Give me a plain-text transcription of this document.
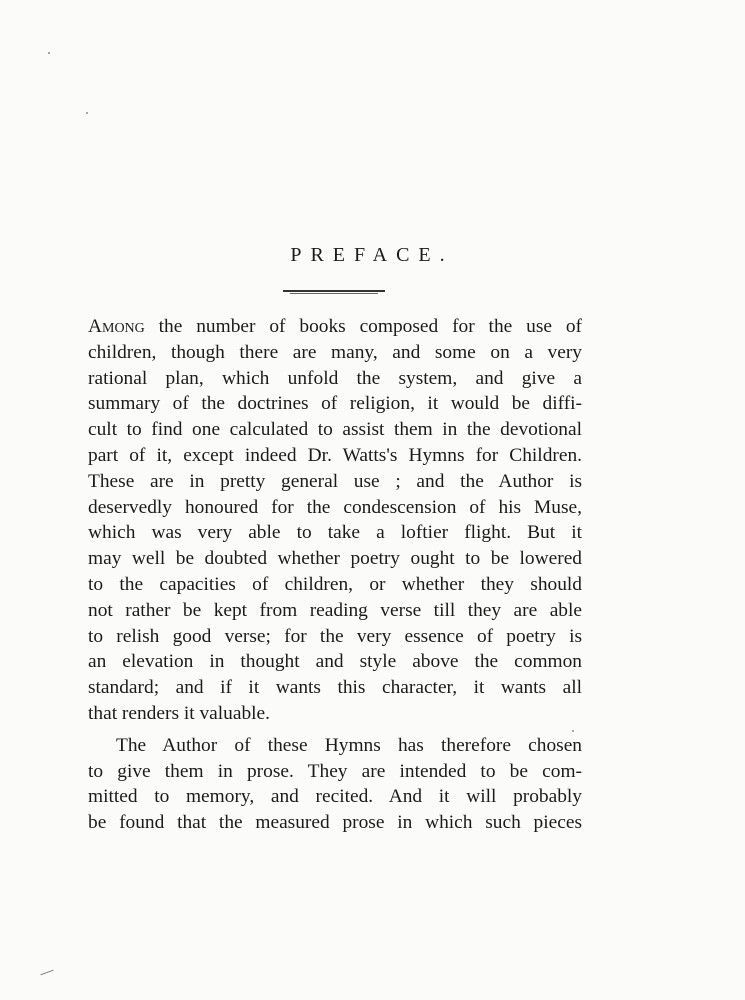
PREFACE.
Among the number of books composed for the use of
children, though there are many, and some on a very
rational plan, which unfold the system, and give a
summary of the doctrines of religion, it would be diffi-
cult to find one calculated to assist them in the devotional
part of it, except indeed Dr. Watts's Hymns for Children.
These are in pretty general use ; and the Author is
deservedly honoured for the condescension of his Muse,
which was very able to take a loftier flight. But it
may well be doubted whether poetry ought to be lowered
to the capacities of children, or whether they should
not rather be kept from reading verse till they are able
to relish good verse; for the very essence of poetry is
an elevation in thought and style above the common
standard; and if it wants this character, it wants all
that renders it valuable.
The Author of these Hymns has therefore chosen
to give them in prose. They are intended to be com-
mitted to memory, and recited. And it will probably
be found that the measured prose in which such pieces
